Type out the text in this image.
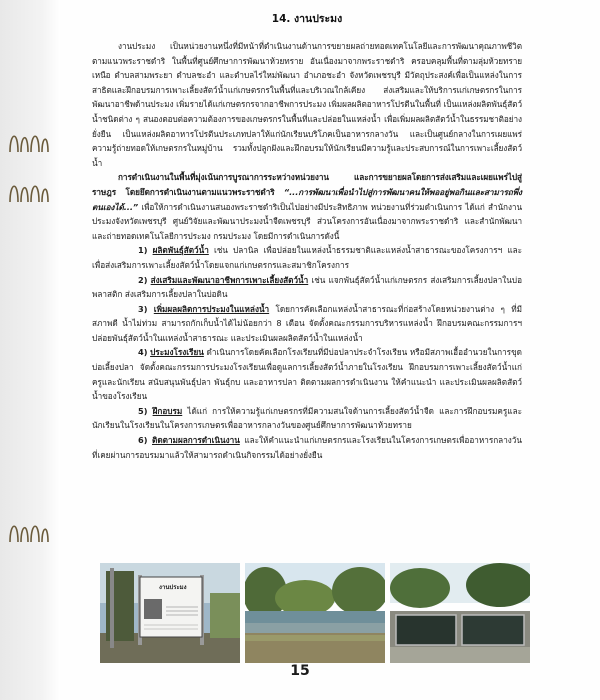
14. งานประมง

งานประมง เป็นหน่วยงานหนึ่งที่มีหน้าที่ดำเนินงานด้านการขยายผลถ่ายทอดเทคโนโลยีและการพัฒนาคุณภาพชีวิตตามแนวพระราชดำริ ในพื้นที่ศูนย์ศึกษาการพัฒนาห้วยทราย อันเนื่องมาจากพระราชดำริ ครอบคลุมพื้นที่ตามลุ่มห้วยทรายเหนือ ตำบลสามพระยา ตำบลชะอำ และตำบลไร่ใหม่พัฒนา อำเภอชะอำ จังหวัดเพชรบุรี มีวัตถุประสงค์เพื่อเป็นแหล่งในการสาธิตและฝึกอบรมการเพาะเลี้ยงสัตว์น้ำแก่เกษตรกรในพื้นที่และบริเวณใกล้เคียง ส่งเสริมและให้บริการแก่เกษตรกรในการพัฒนาอาชีพด้านประมง เพิ่มรายได้แก่เกษตรกรจากอาชีพการประมง เพิ่มผลผลิตอาหารโปรตีนในพื้นที่ เป็นแหล่งผลิตพันธุ์สัตว์น้ำชนิดต่าง ๆ สนองตอบต่อความต้องการของเกษตรกรในพื้นที่และปล่อยในแหล่งน้ำ เพื่อเพิ่มผลผลิตสัตว์น้ำในธรรมชาติอย่างยั่งยืน เป็นแหล่งผลิตอาหารโปรตีนประเภทปลาให้แก่นักเรียนบริโภคเป็นอาหารกลางวัน และเป็นศูนย์กลางในการเผยแพร่ความรู้ถ่ายทอดให้เกษตรกรในหมู่บ้าน รวมทั้งปลูกฝังและฝึกอบรมให้นักเรียนมีความรู้และประสบการณ์ในการเพาะเลี้ยงสัตว์น้ำ

การดำเนินงานในพื้นที่มุ่งเน้นการบูรณาการระหว่างหน่วยงาน และการขยายผลโดยการส่งเสริมและเผยแพร่ไปสู่ราษฎร โดยยึดการดำเนินงานตามแนวพระราชดำริ “...การพัฒนาเพื่อนำไปสู่การพัฒนาคนให้พออยู่พอกินและสามารถพึ่งตนเองได้...” เพื่อให้การดำเนินงานสนองพระราชดำริเป็นไปอย่างมีประสิทธิภาพ หน่วยงานที่ร่วมดำเนินการ ได้แก่ สำนักงานประมงจังหวัดเพชรบุรี ศูนย์วิจัยและพัฒนาประมงน้ำจืดเพชรบุรี ส่วนโครงการอันเนื่องมาจากพระราชดำริ และสำนักพัฒนาและถ่ายทอดเทคโนโลยีการประมง กรมประมง โดยมีการดำเนินการดังนี้

1) ผลิตพันธุ์สัตว์น้ำ เช่น ปลานิล เพื่อปล่อยในแหล่งน้ำธรรมชาติและแหล่งน้ำสาธารณะของโครงการฯ และเพื่อส่งเสริมการเพาะเลี้ยงสัตว์น้ำโดยแจกแก่เกษตรกรและสมาชิกโครงการ

2) ส่งเสริมและพัฒนาอาชีพการเพาะเลี้ยงสัตว์น้ำ เช่น แจกพันธุ์สัตว์น้ำแก่เกษตรกร ส่งเสริมการเลี้ยงปลาในบ่อพลาสติก ส่งเสริมการเลี้ยงปลาในบ่อดิน

3) เพิ่มผลผลิตการประมงในแหล่งน้ำ โดยการคัดเลือกแหล่งน้ำสาธารณะที่ก่อสร้างโดยหน่วยงานต่าง ๆ ที่มีสภาพดี น้ำไม่ท่วม สามารถกักเก็บน้ำได้ไม่น้อยกว่า 8 เดือน จัดตั้งคณะกรรมการบริหารแหล่งน้ำ ฝึกอบรมคณะกรรมการฯ ปล่อยพันธุ์สัตว์น้ำในแหล่งน้ำสาธารณะ และประเมินผลผลิตสัตว์น้ำในแหล่งน้ำ

4) ประมงโรงเรียน ดำเนินการโดยคัดเลือกโรงเรียนที่มีบ่อปลาประจำโรงเรียน หรือมีสภาพเอื้ออำนวยในการขุดบ่อเลี้ยงปลา จัดตั้งคณะกรรมการประมงโรงเรียนเพื่อดูแลการเลี้ยงสัตว์น้ำภายในโรงเรียน ฝึกอบรมการเพาะเลี้ยงสัตว์น้ำแก่ครูและนักเรียน สนับสนุนพันธุ์ปลา พันธุ์กบ และอาหารปลา ติดตามผลการดำเนินงาน ให้คำแนะนำ และประเมินผลผลิตสัตว์น้ำของโรงเรียน

5) ฝึกอบรม ได้แก่ การให้ความรู้แก่เกษตรกรที่มีความสนใจด้านการเลี้ยงสัตว์น้ำจืด และการฝึกอบรมครูและนักเรียนในโรงเรียนในโครงการเกษตรเพื่ออาหารกลางวันของศูนย์ศึกษาการพัฒนาห้วยทราย

6) ติดตามผลการดำเนินงาน และให้คำแนะนำแก่เกษตรกรและโรงเรียนในโครงการเกษตรเพื่ออาหารกลางวันที่เคยผ่านการอบรมมาแล้วให้สามารถดำเนินกิจกรรมได้อย่างยั่งยืน

งานประมง
15
